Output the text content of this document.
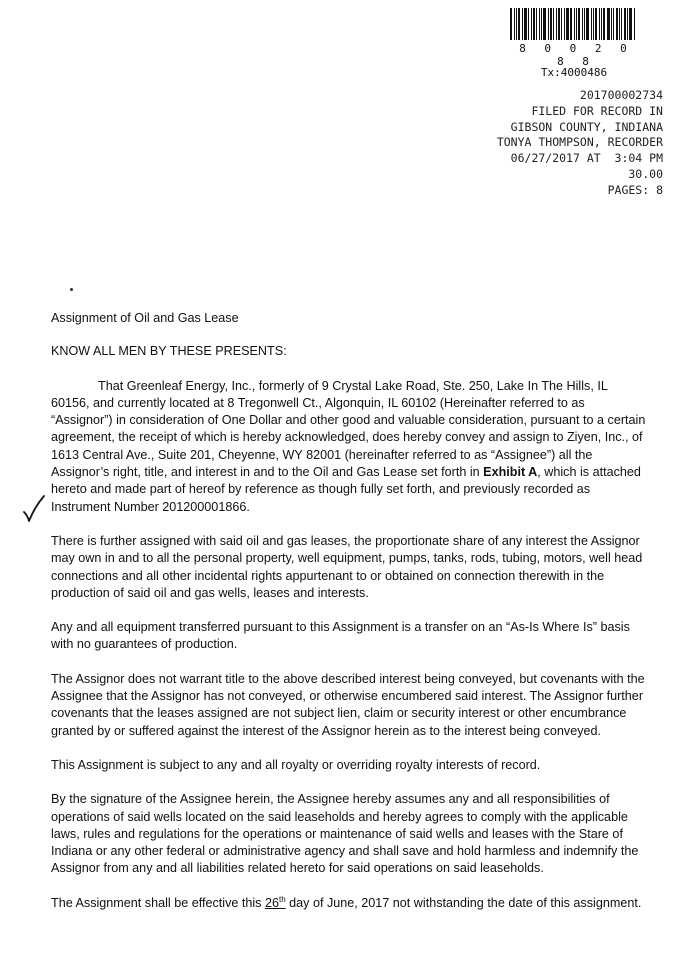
8 0 0 2 0 8 8
Tx:4000486
201700002734
FILED FOR RECORD IN
GIBSON COUNTY, INDIANA
TONYA THOMPSON, RECORDER
06/27/2017 AT  3:04 PM
30.00
PAGES: 8

Assignment of Oil and Gas Lease

KNOW ALL MEN BY THESE PRESENTS:

That Greenleaf Energy, Inc., formerly of 9 Crystal Lake Road, Ste. 250, Lake In The Hills, IL 60156, and currently located at 8 Tregonwell Ct., Algonquin, IL 60102 (Hereinafter referred to as “Assignor”) in consideration of One Dollar and other good and valuable consideration, pursuant to a certain agreement, the receipt of which is hereby acknowledged, does hereby convey and assign to Ziyen, Inc., of 1613 Central Ave., Suite 201, Cheyenne, WY 82001 (hereinafter referred to as “Assignee”) all the Assignor’s right, title, and interest in and to the Oil and Gas Lease set forth in Exhibit A, which is attached hereto and made part of hereof by reference as though fully set forth, and previously recorded as Instrument Number 201200001866.

There is further assigned with said oil and gas leases, the proportionate share of any interest the Assignor may own in and to all the personal property, well equipment, pumps, tanks, rods, tubing, motors, well head connections and all other incidental rights appurtenant to or obtained on connection therewith in the production of said oil and gas wells, leases and interests.

Any and all equipment transferred pursuant to this Assignment is a transfer on an “As-Is Where Is” basis with no guarantees of production.

The Assignor does not warrant title to the above described interest being conveyed, but covenants with the Assignee that the Assignor has not conveyed, or otherwise encumbered said interest. The Assignor further covenants that the leases assigned are not subject lien, claim or security interest or other encumbrance granted by or suffered against the interest of the Assignor herein as to the interest being conveyed.

This Assignment is subject to any and all royalty or overriding royalty interests of record.

By the signature of the Assignee herein, the Assignee hereby assumes any and all responsibilities of operations of said wells located on the said leaseholds and hereby agrees to comply with the applicable laws, rules and regulations for the operations or maintenance of said wells and leases with the Stare of Indiana or any other federal or administrative agency and shall save and hold harmless and indemnify the Assignor from any and all liabilities related hereto for said operations on said leaseholds.

The Assignment shall be effective this 26th day of June, 2017 not withstanding the date of this assignment.
